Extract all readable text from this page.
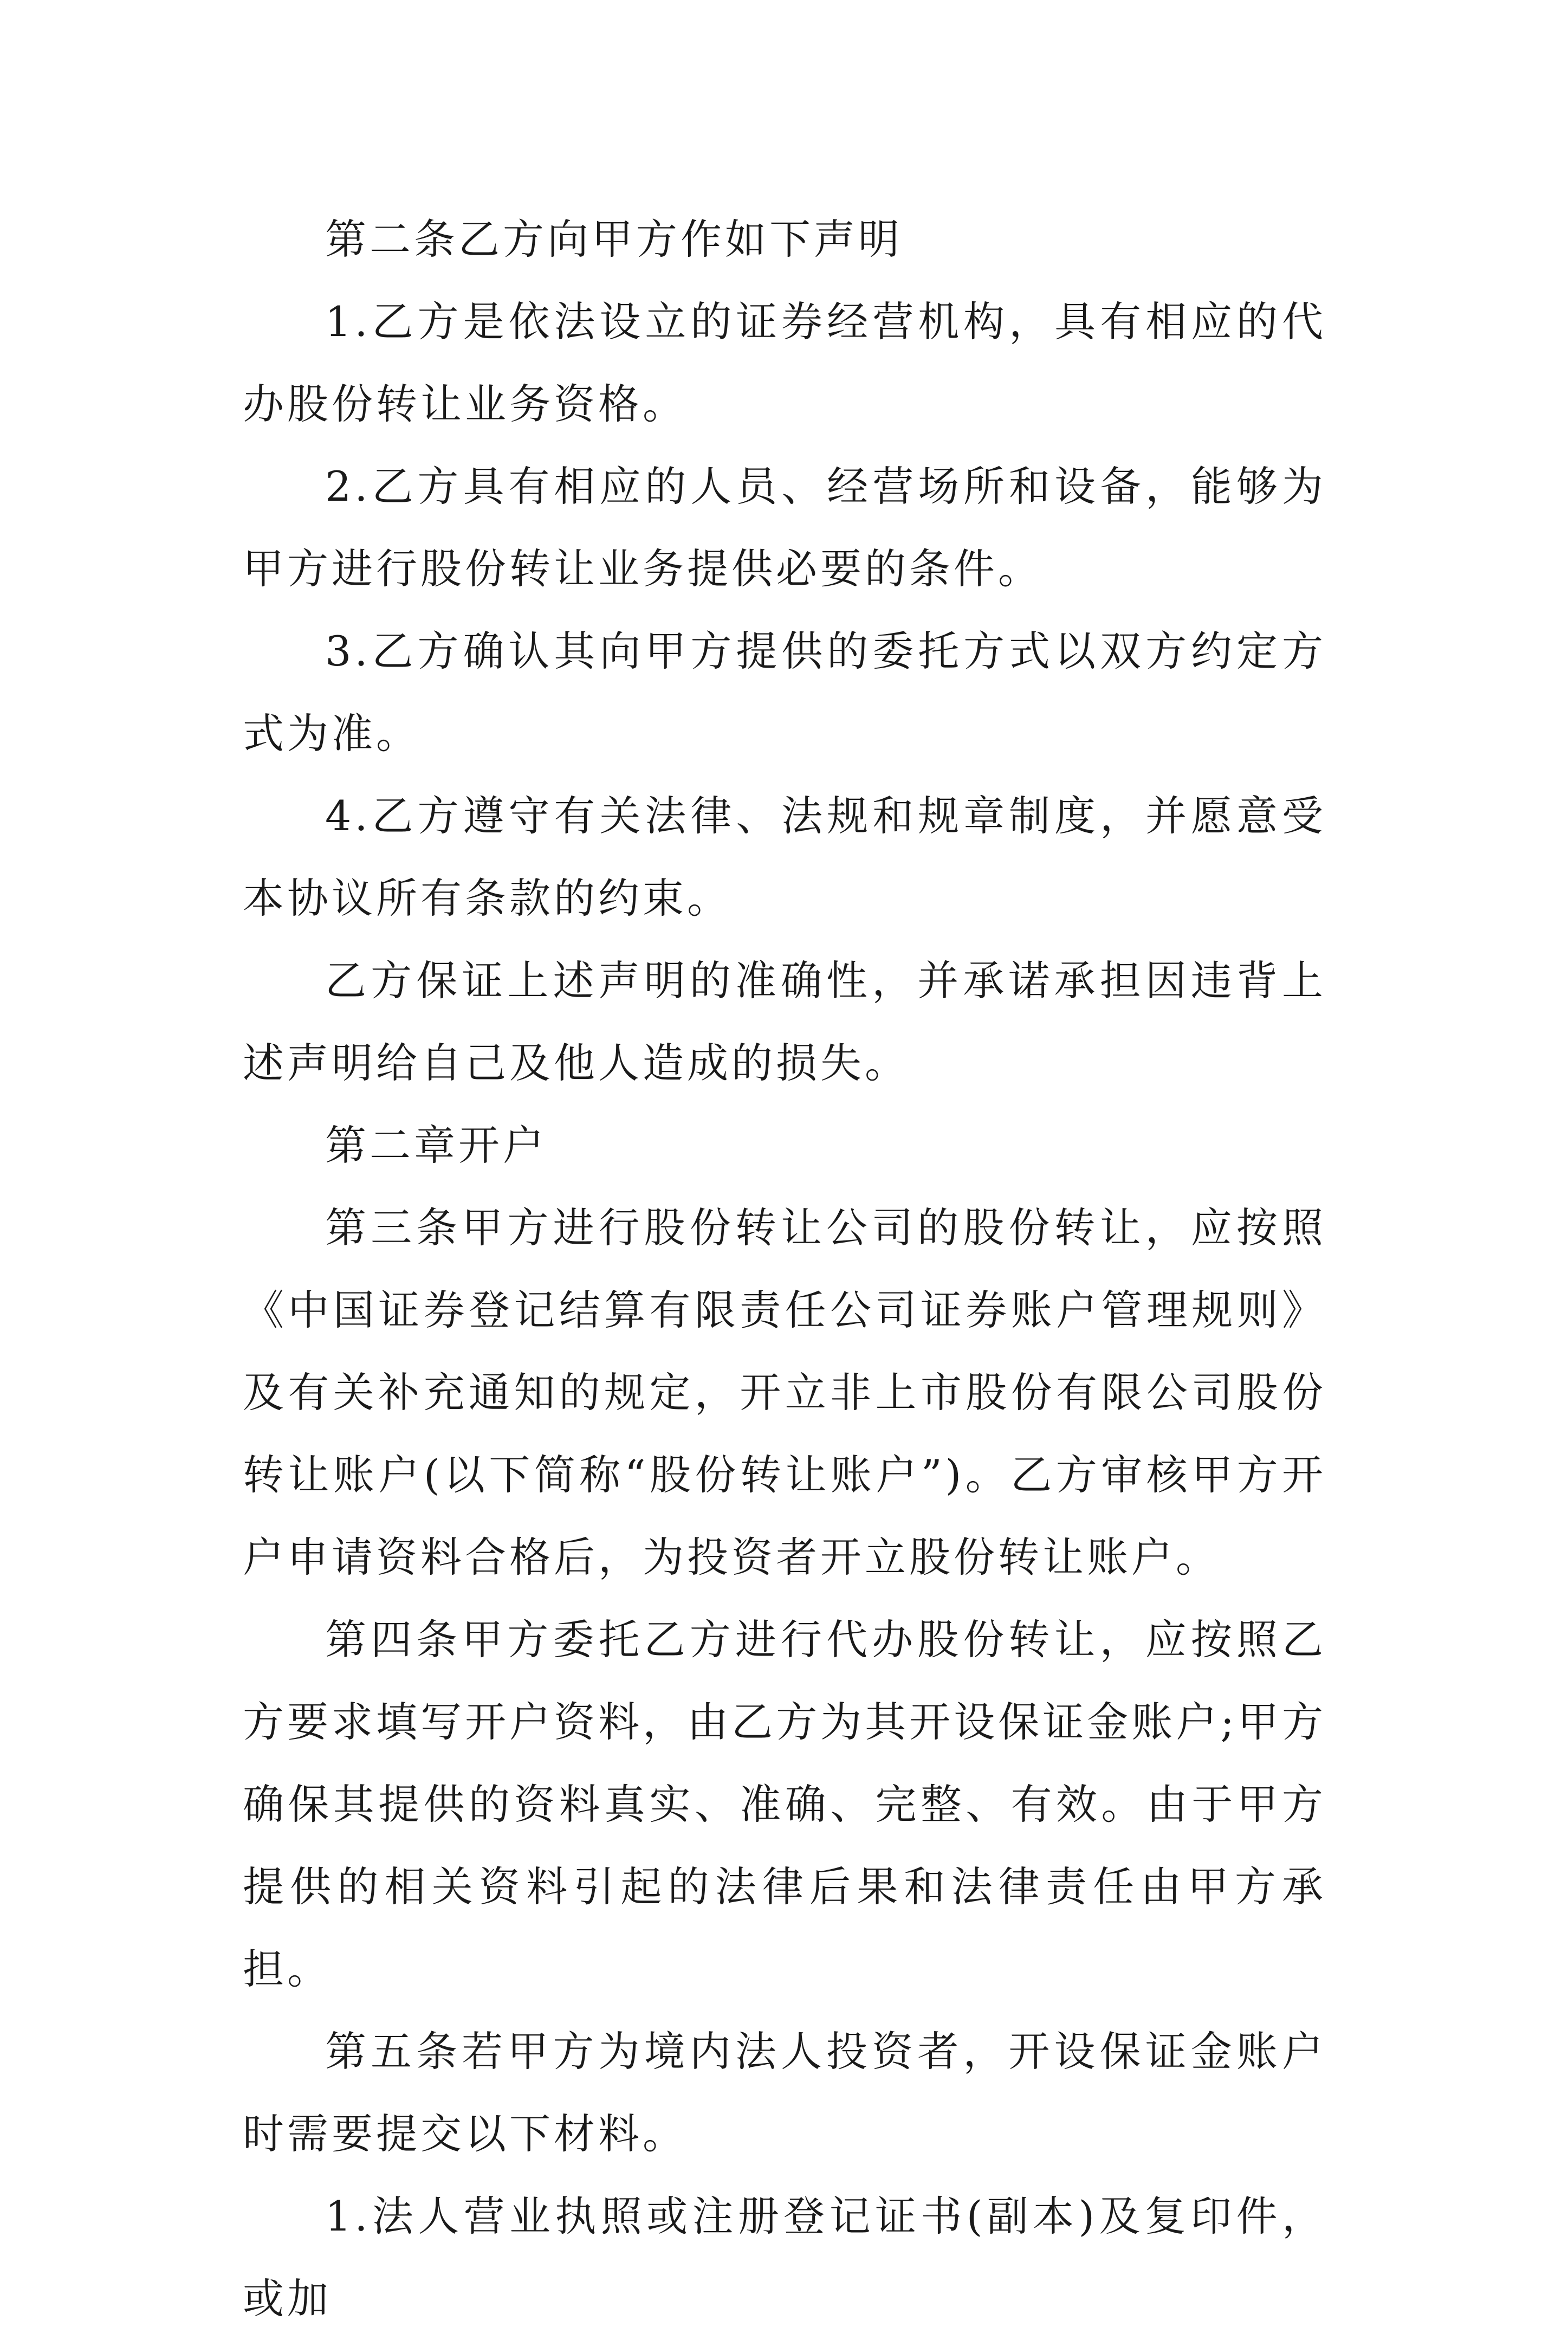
第二条乙方向甲方作如下声明

1.乙方是依法设立的证券经营机构，具有相应的代办股份转让业务资格。

2.乙方具有相应的人员、经营场所和设备，能够为甲方进行股份转让业务提供必要的条件。

3.乙方确认其向甲方提供的委托方式以双方约定方式为准。

4.乙方遵守有关法律、法规和规章制度，并愿意受本协议所有条款的约束。

乙方保证上述声明的准确性，并承诺承担因违背上述声明给自己及他人造成的损失。

第二章开户

第三条甲方进行股份转让公司的股份转让，应按照《中国证券登记结算有限责任公司证券账户管理规则》及有关补充通知的规定，开立非上市股份有限公司股份转让账户(以下简称“股份转让账户”)。乙方审核甲方开户申请资料合格后，为投资者开立股份转让账户。

第四条甲方委托乙方进行代办股份转让，应按照乙方要求填写开户资料，由乙方为其开设保证金账户;甲方确保其提供的资料真实、准确、完整、有效。由于甲方提供的相关资料引起的法律后果和法律责任由甲方承担。

第五条若甲方为境内法人投资者，开设保证金账户时需要提交以下材料。

1.法人营业执照或注册登记证书(副本)及复印件，或加
